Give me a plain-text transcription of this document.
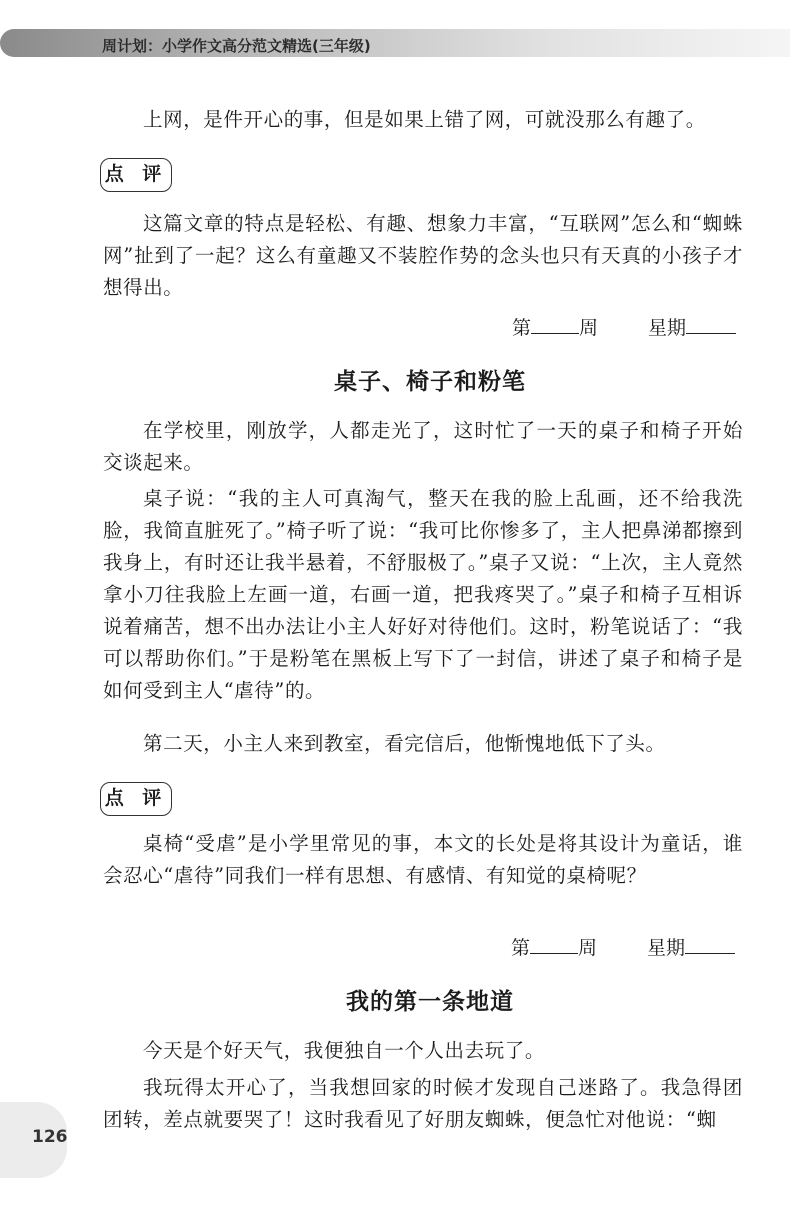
周计划：小学作文高分范文精选(三年级)

上网，是件开心的事，但是如果上错了网，可就没那么有趣了。

点 评

这篇文章的特点是轻松、有趣、想象力丰富，“互联网”怎么和“蜘蛛网”扯到了一起？这么有童趣又不装腔作势的念头也只有天真的小孩子才想得出。

第	周	星期
桌子、椅子和粉笔

在学校里，刚放学，人都走光了，这时忙了一天的桌子和椅子开始交谈起来。

桌子说：“我的主人可真淘气，整天在我的脸上乱画，还不给我洗脸，我简直脏死了。”椅子听了说：“我可比你惨多了，主人把鼻涕都擦到我身上，有时还让我半悬着，不舒服极了。”桌子又说：“上次，主人竟然拿小刀往我脸上左画一道，右画一道，把我疼哭了。”桌子和椅子互相诉说着痛苦，想不出办法让小主人好好对待他们。这时，粉笔说话了：“我可以帮助你们。”于是粉笔在黑板上写下了一封信，讲述了桌子和椅子是如何受到主人“虐待”的。

第二天，小主人来到教室，看完信后，他惭愧地低下了头。

点 评

桌椅“受虐”是小学里常见的事，本文的长处是将其设计为童话，谁会忍心“虐待”同我们一样有思想、有感情、有知觉的桌椅呢？

第	周	星期
我的第一条地道

今天是个好天气，我便独自一个人出去玩了。

我玩得太开心了，当我想回家的时候才发现自己迷路了。我急得团团转，差点就要哭了！这时我看见了好朋友蜘蛛，便急忙对他说：“蜘

126
